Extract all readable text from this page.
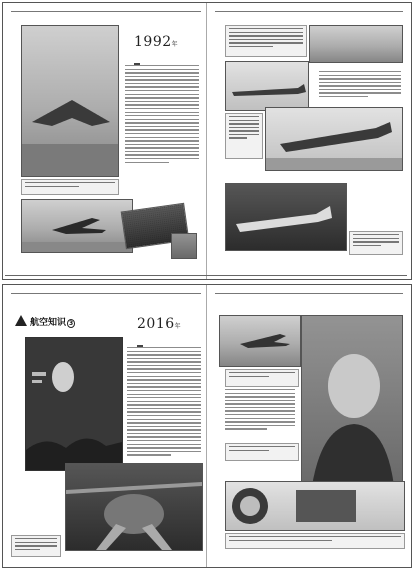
1992年

航空知识 3	2016年
